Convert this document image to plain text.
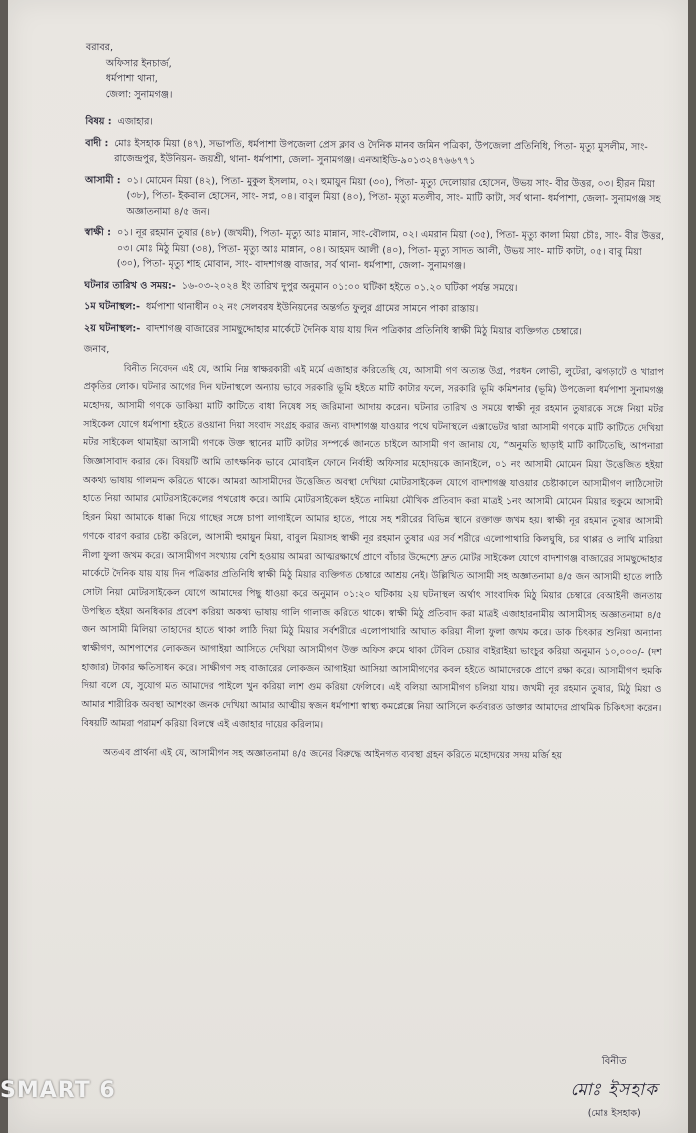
বরাবর,
অফিসার ইনচার্জ,
ধর্মপাশা থানা,
জেলা: সুনামগঞ্জ।
বিষয় : এজাহার।
বাদী : মোঃ ইসহাক মিয়া (৪৭), সভাপতি, ধর্মপাশা উপজেলা প্রেস ক্লাব ও দৈনিক মানব জমিন পত্রিকা, উপজেলা প্রতিনিধি, পিতা- মৃত্যু মুসলীম, সাং- রাজেন্দ্রপুর, ইউনিয়ন- জয়শ্রী, থানা- ধর্মপাশা, জেলা- সুনামগঞ্জ। এনআইডি-৯০১৩২৪৭৬৬৭৭১
আসামী : ০১। মোমেন মিয়া (৪২), পিতা- মুকুল ইসলাম, ০২। হুমায়ুন মিয়া (৩০), পিতা- মৃত্যু দেলোয়ার হোসেন, উভয় সাং- বীর উত্তর, ০৩। হীরন মিয়া (৩৮), পিতা- ইকবাল হোসেন, সাং- সপ্ন, ০৪। বাবুল মিয়া (৪০), পিতা- মৃত্যু মতলীব, সাং- মাটি কাটা, সর্ব থানা- ধর্মপাশা, জেলা- সুনামগঞ্জ সহ অজ্ঞাতনামা ৪/৫ জন।
স্বাক্ষী : ০১। নূর রহমান তুষার (৪৮) (জখমী), পিতা- মৃত্যু আঃ মান্নান, সাং-বৌলাম, ০২। এমরান মিয়া (৩৫), পিতা- মৃত্যু কালা মিয়া চৌঃ, সাং- বীর উত্তর, ০৩। মোঃ মিঠু মিয়া (৩৪), পিতা- মৃত্যু আঃ মান্নান, ০৪। আহমদ আলী (৪০), পিতা- মৃত্যু সাদত আলী, উভয় সাং- মাটি কাটা, ০৫। বাবু মিয়া (৩০), পিতা- মৃত্যু শাহ মোবান, সাং- বাদশাগঞ্জ বাজার, সর্ব থানা- ধর্মপাশা, জেলা- সুনামগঞ্জ।
ঘটনার তারিখ ও সময়:- ১৬-০৩-২০২৪ ইং তারিখ দুপুর অনুমান ০১:০০ ঘটিকা হইতে ০১.২০ ঘটিকা পর্যন্ত সময়ে।
১ম ঘটনাস্থল:- ধর্মপাশা থানাধীন ০২ নং সেলবরষ ইউনিয়নের অন্তর্গত ফুলুর গ্রামের সামনে পাকা রাস্তায়।
২য় ঘটনাস্থল:- বাদশাগঞ্জ বাজারের সামছুদ্দোহার মার্কেটে দৈনিক যায় যায় দিন পত্রিকার প্রতিনিধি স্বাক্ষী মিঠু মিয়ার ব্যক্তিগত চেম্বারে।
জনাব,
বিনীত নিবেদন এই যে, আমি নিম্ন স্বাক্ষরকারী এই মর্মে এজাহার করিতেছি যে, আসামী গণ অত্যন্ত উগ্র, পরধন লোভী, লুটেরা, ঝগড়াটে ও খারাপ প্রকৃতির লোক। ঘটনার আগের দিন ঘটনাস্থলে অন্যায় ভাবে সরকারি ভূমি হইতে মাটি কাটার ফলে, সরকারি ভূমি কমিশনার (ভূমি) উপজেলা ধর্মপাশা সুনামগঞ্জ মহোদয়, আসামী গণকে ডাকিয়া মাটি কাটিতে বাধা নিষেধ সহ জরিমানা আদায় করেন। ঘটনার তারিখ ও সময়ে স্বাক্ষী নূর রহমান তুষারকে সঙ্গে নিয়া মটর সাইকেল যোগে ধর্মপাশা হইতে রওয়ানা দিয়া সংবাদ সংগ্রহ করার জন্য বাদশাগঞ্জ যাওয়ার পথে ঘটনাস্থলে এক্সাভেটর দ্বারা আসামী গণকে মাটি কাটিতে দেখিয়া মটর সাইকেল থামাইয়া আসামী গণকে উক্ত স্থানের মাটি কাটার সম্পর্কে জানতে চাইলে আসামী গণ জানায় যে, “অনুমতি ছাড়াই মাটি কাটিতেছি, আপনারা জিজ্ঞাসাবাদ করার কে। বিষয়টি আমি তাৎক্ষনিক ভাবে মোবাইল ফোনে নির্বাহী অফিসার মহোদয়কে জানাইলে, ০১ নং আসামী মোমেন মিয়া উত্তেজিত হইয়া অকথ্য ভাষায় গালমন্দ করিতে থাকে। আমরা আসামীদের উত্তেজিত অবস্থা দেখিয়া মোটরসাইকেল যোগে বাদশাগঞ্জ যাওয়ার চেষ্টাকালে আসামীগণ লাঠিসোটা হাতে নিয়া আমার মোটরসাইকেলের পথরোধ করে। আমি মোটরসাইকেল হইতে নামিয়া মৌখিক প্রতিবাদ করা মাত্রই ১নং আসামী মোমেন মিয়ার হুকুমে আসামী হিরন মিয়া আমাকে ধাক্কা দিয়ে গাছের সঙ্গে চাপা লাগাইলে আমার হাতে, পায়ে সহ শরীরের বিভিন্ন স্থানে রক্তাক্ত জখম হয়। স্বাক্ষী নূর রহমান তুষার আসামী গণকে বারণ করার চেষ্টা করিলে, আসামী হুমায়ুন মিয়া, বাবুল মিয়াসহ স্বাক্ষী নূর রহমান তুষার এর সর্ব শরীরে এলোপাথারি কিলঘুষি, চর থাপ্পর ও লাথি মারিয়া নীলা ফুলা জখম করে। আসামীগণ সংখ্যায় বেশি হওয়ায় আমরা আত্মরক্ষার্থে প্রাণে বাঁচার উদ্দেশ্যে দ্রুত মোটর সাইকেল যোগে বাদশাগঞ্জ বাজারের সামছুদ্দোহার মার্কেটে দৈনিক যায় যায় দিন পত্রিকার প্রতিনিধি স্বাক্ষী মিঠু মিয়ার ব্যক্তিগত চেম্বারে আশ্রয় নেই। উল্লিখিত আসামী সহ অজ্ঞাতনামা ৪/৫ জন আসামী হাতে লাঠি সোটা নিয়া মোটরসাইকেল যোগে আমাদের পিছু ধাওয়া করে অনুমান ০১:২০ ঘটিকায় ২য় ঘটনাস্থল অর্থাৎ সাংবাদিক মিঠু মিয়ার চেম্বারে বেআইনী জনতায় উপস্থিত হইয়া অনধিকার প্রবেশ করিয়া অকথ্য ভাষায় গালি গালাজ করিতে থাকে। স্বাক্ষী মিঠু প্রতিবাদ করা মাত্রই এজাহারনামীয় আসামীসহ অজ্ঞাতনামা ৪/৫ জন আসামী মিলিয়া তাহাদের হাতে থাকা লাঠি দিয়া মিঠু মিয়ার সর্বশরীরে এলোপাথারি আঘাত করিয়া নীলা ফুলা জখম করে। ডাক চিৎকার শুনিয়া অন্যান্য স্বাক্ষীগণ, আশপাশের লোকজন আগাইয়া আসিতে দেখিয়া আসামীগণ উক্ত অফিস রুমে থাকা টেবিল চেয়ার বাইরাইয়া ভাংচুর করিয়া অনুমান ১০,০০০/- (দশ হাজার) টাকার ক্ষতিসাধন করে। সাক্ষীগণ সহ বাজারের লোকজন আগাইয়া আসিয়া আসামীগণের কবল হইতে আমাদেরকে প্রাণে রক্ষা করে। আসামীগণ হুমকি দিয়া বলে যে, সুযোগ মত আমাদের পাইলে খুন করিয়া লাশ গুম করিয়া ফেলিবে। এই বলিয়া আসামীগণ চলিয়া যায়। জখমী নূর রহমান তুষার, মিঠু মিয়া ও আমার শারীরিক অবস্থা আশংকা জনক দেখিয়া আমার আত্মীয় স্বজন ধর্মপাশা স্বাস্থ্য কমপ্লেক্সে নিয়া আসিলে কর্তব্যরত ডাক্তার আমাদের প্রাথমিক চিকিৎসা করেন। বিষয়টি আমরা পরামর্শ করিয়া বিলম্বে এই এজাহার দায়ের করিলাম।
অতএব প্রার্থনা এই যে, আসামীগন সহ অজ্ঞাতনামা ৪/৫ জনের বিরুদ্ধে আইনগত ব্যবস্থা গ্রহন করিতে মহোদয়ের সদয় মর্জি হয়
বিনীত
মোঃ ইসহাক
(মোঃ ইসহাক)
SMART 6
